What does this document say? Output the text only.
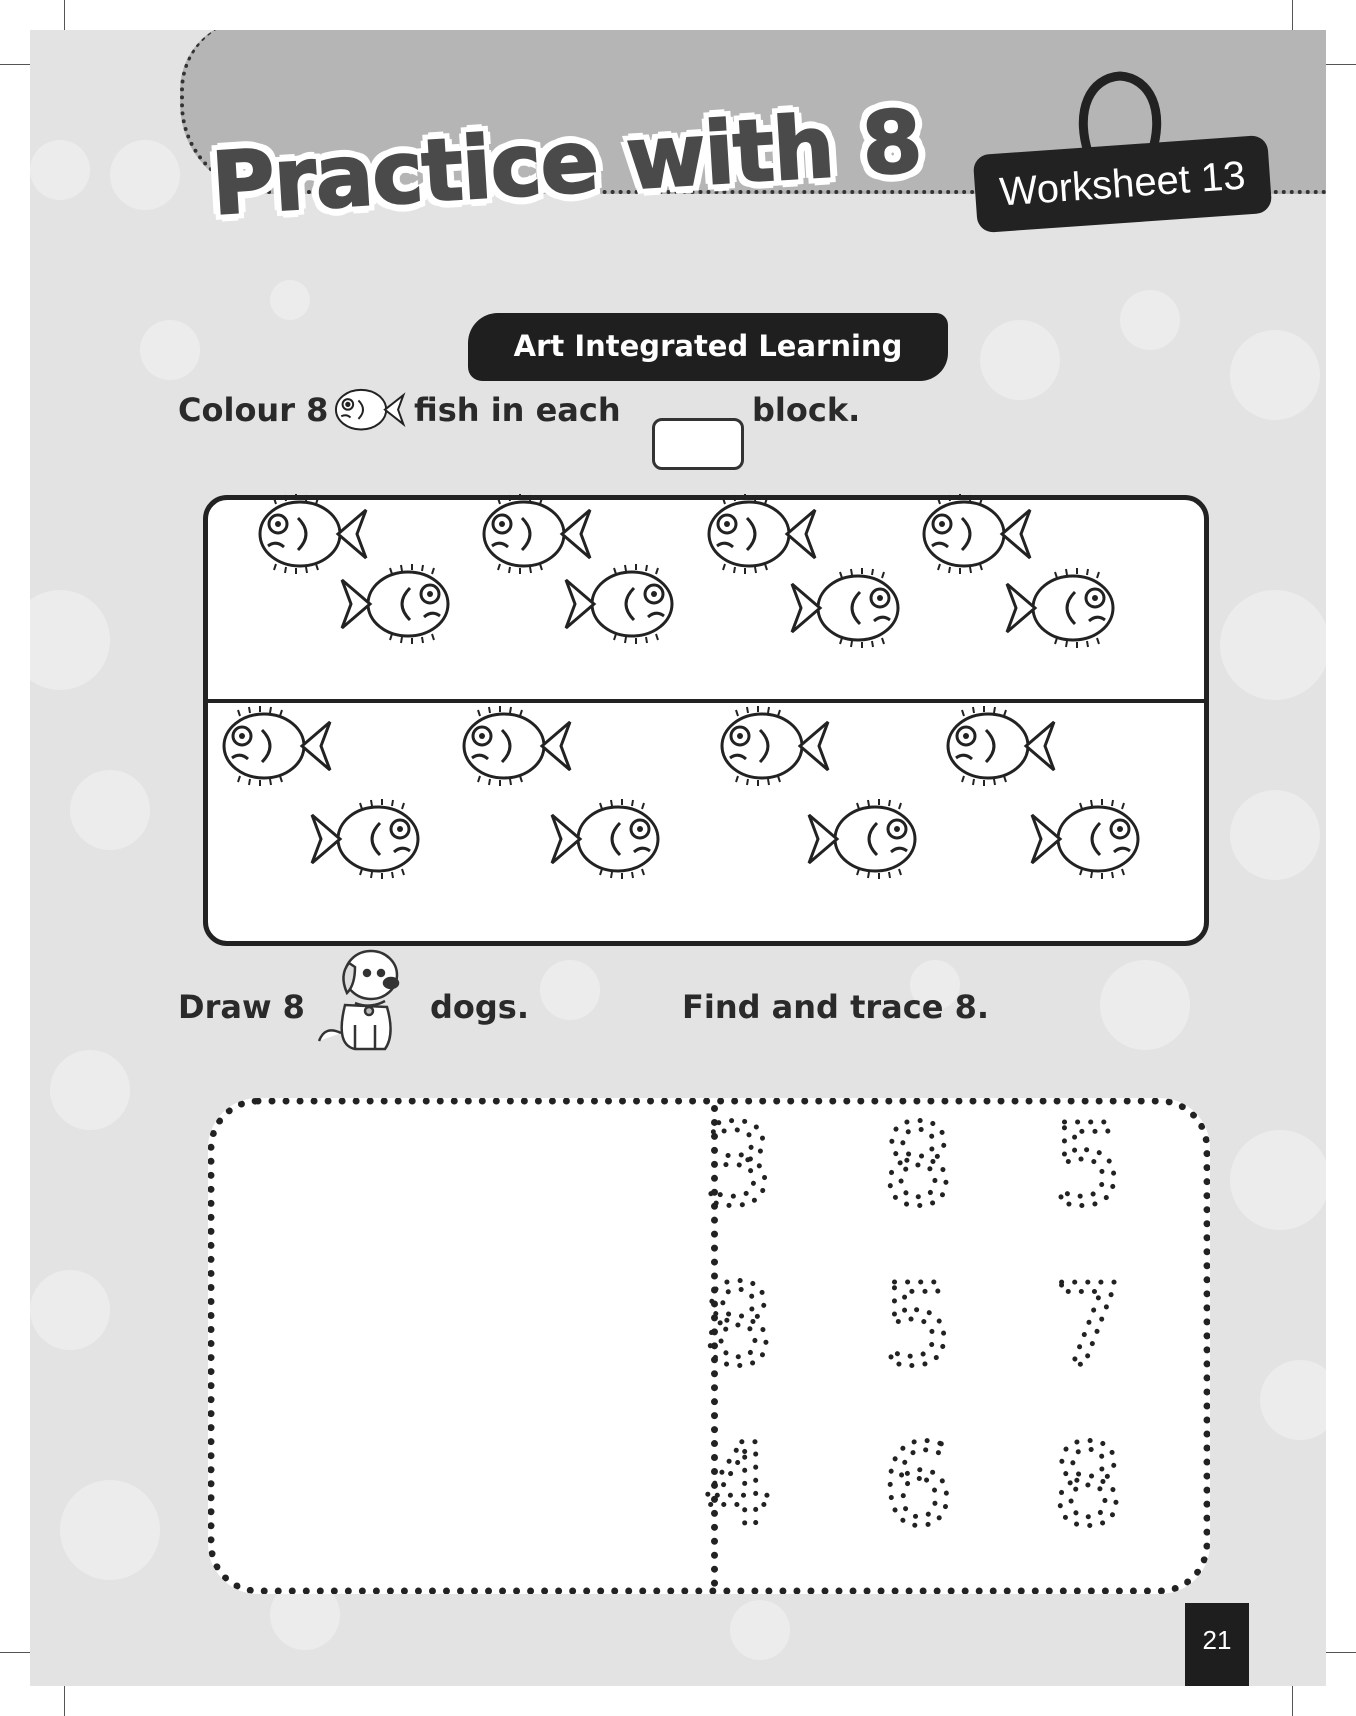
Practice with 8	Worksheet 13
Art Integrated Learning
Colour 8	fish in each	block.
Draw 8	dogs.	Find and trace 8.
3 8 5
8 5 7
4 6 8
21
